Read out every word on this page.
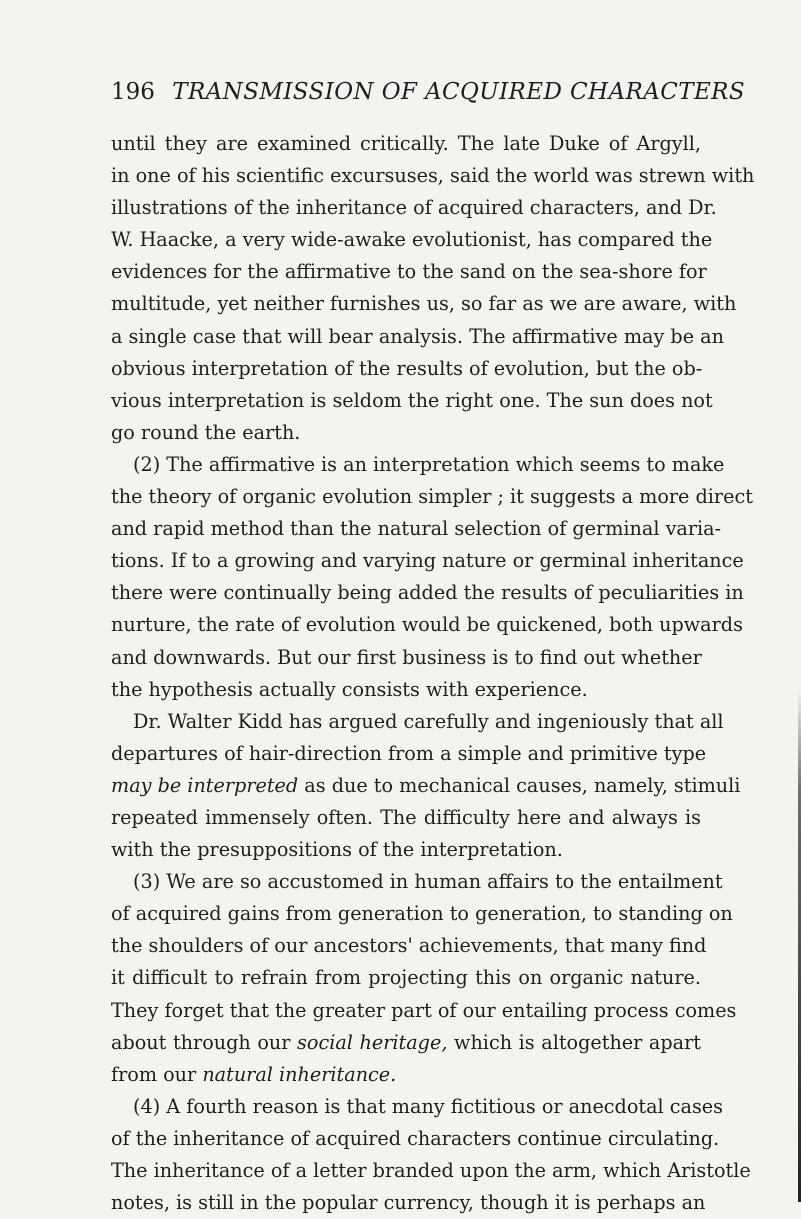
196 TRANSMISSION OF ACQUIRED CHARACTERS
until they are examined critically. The late Duke of Argyll,
in one of his scientific excursuses, said the world was strewn with
illustrations of the inheritance of acquired characters, and Dr.
W. Haacke, a very wide-awake evolutionist, has compared the
evidences for the affirmative to the sand on the sea-shore for
multitude, yet neither furnishes us, so far as we are aware, with
a single case that will bear analysis. The affirmative may be an
obvious interpretation of the results of evolution, but the ob-
vious interpretation is seldom the right one. The sun does not
go round the earth.
(2) The affirmative is an interpretation which seems to make
the theory of organic evolution simpler ; it suggests a more direct
and rapid method than the natural selection of germinal varia-
tions. If to a growing and varying nature or germinal inheritance
there were continually being added the results of peculiarities in
nurture, the rate of evolution would be quickened, both upwards
and downwards. But our first business is to find out whether
the hypothesis actually consists with experience.
Dr. Walter Kidd has argued carefully and ingeniously that all
departures of hair-direction from a simple and primitive type
may be interpreted as due to mechanical causes, namely, stimuli
repeated immensely often. The difficulty here and always is
with the presuppositions of the interpretation.
(3) We are so accustomed in human affairs to the entailment
of acquired gains from generation to generation, to standing on
the shoulders of our ancestors' achievements, that many find
it difficult to refrain from projecting this on organic nature.
They forget that the greater part of our entailing process comes
about through our social heritage, which is altogether apart
from our natural inheritance.
(4) A fourth reason is that many fictitious or anecdotal cases
of the inheritance of acquired characters continue circulating.
The inheritance of a letter branded upon the arm, which Aristotle
notes, is still in the popular currency, though it is perhaps an
